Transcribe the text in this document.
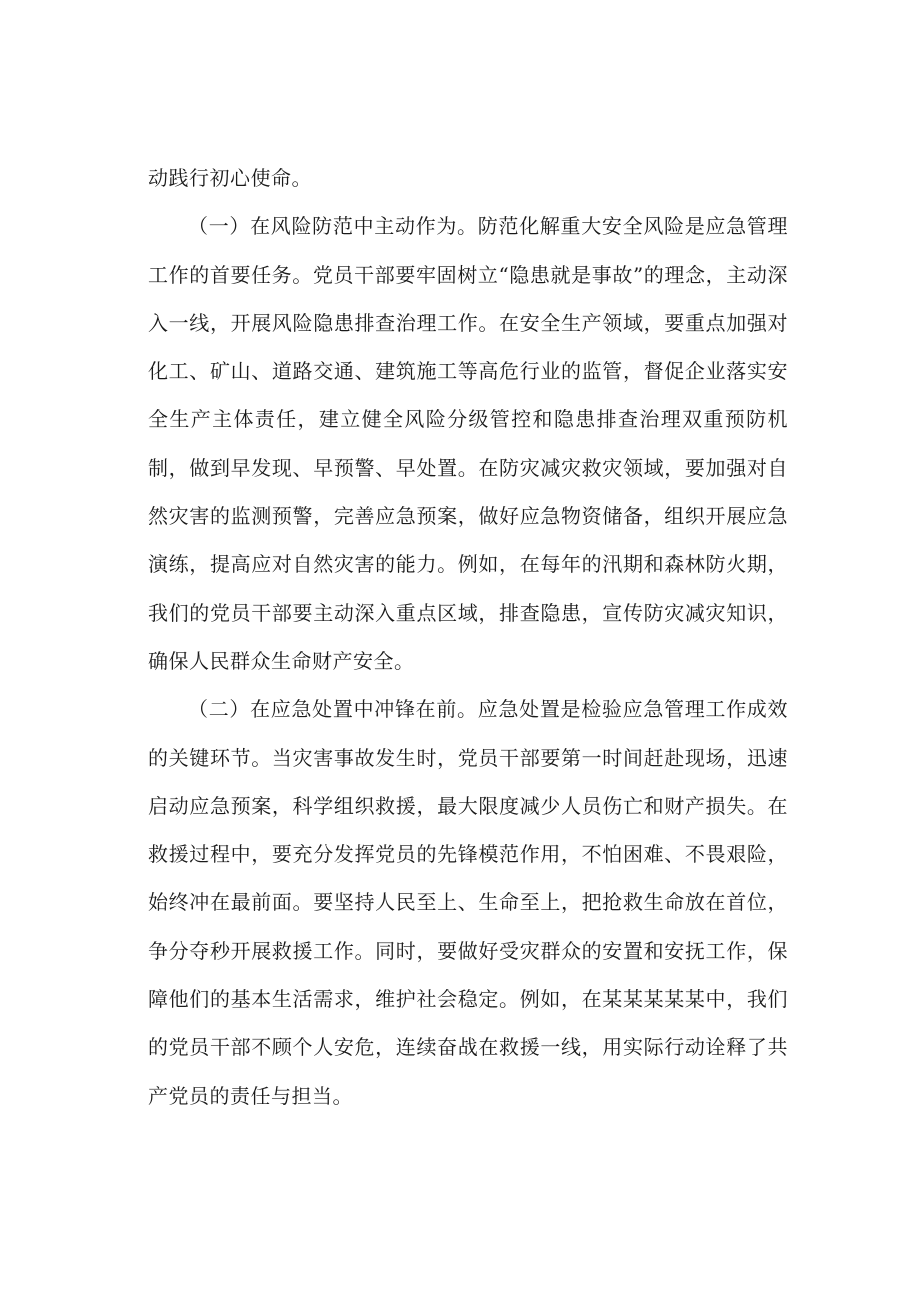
动践行初心使命。

（一）在风险防范中主动作为。防范化解重大安全风险是应急管理工作的首要任务。党员干部要牢固树立“隐患就是事故”的理念，主动深入一线，开展风险隐患排查治理工作。在安全生产领域，要重点加强对化工、矿山、道路交通、建筑施工等高危行业的监管，督促企业落实安全生产主体责任，建立健全风险分级管控和隐患排查治理双重预防机制，做到早发现、早预警、早处置。在防灾减灾救灾领域，要加强对自然灾害的监测预警，完善应急预案，做好应急物资储备，组织开展应急演练，提高应对自然灾害的能力。例如，在每年的汛期和森林防火期，我们的党员干部要主动深入重点区域，排查隐患，宣传防灾减灾知识，确保人民群众生命财产安全。

（二）在应急处置中冲锋在前。应急处置是检验应急管理工作成效的关键环节。当灾害事故发生时，党员干部要第一时间赶赴现场，迅速启动应急预案，科学组织救援，最大限度减少人员伤亡和财产损失。在救援过程中，要充分发挥党员的先锋模范作用，不怕困难、不畏艰险，始终冲在最前面。要坚持人民至上、生命至上，把抢救生命放在首位，争分夺秒开展救援工作。同时，要做好受灾群众的安置和安抚工作，保障他们的基本生活需求，维护社会稳定。例如，在某某某某某中，我们的党员干部不顾个人安危，连续奋战在救援一线，用实际行动诠释了共产党员的责任与担当。
